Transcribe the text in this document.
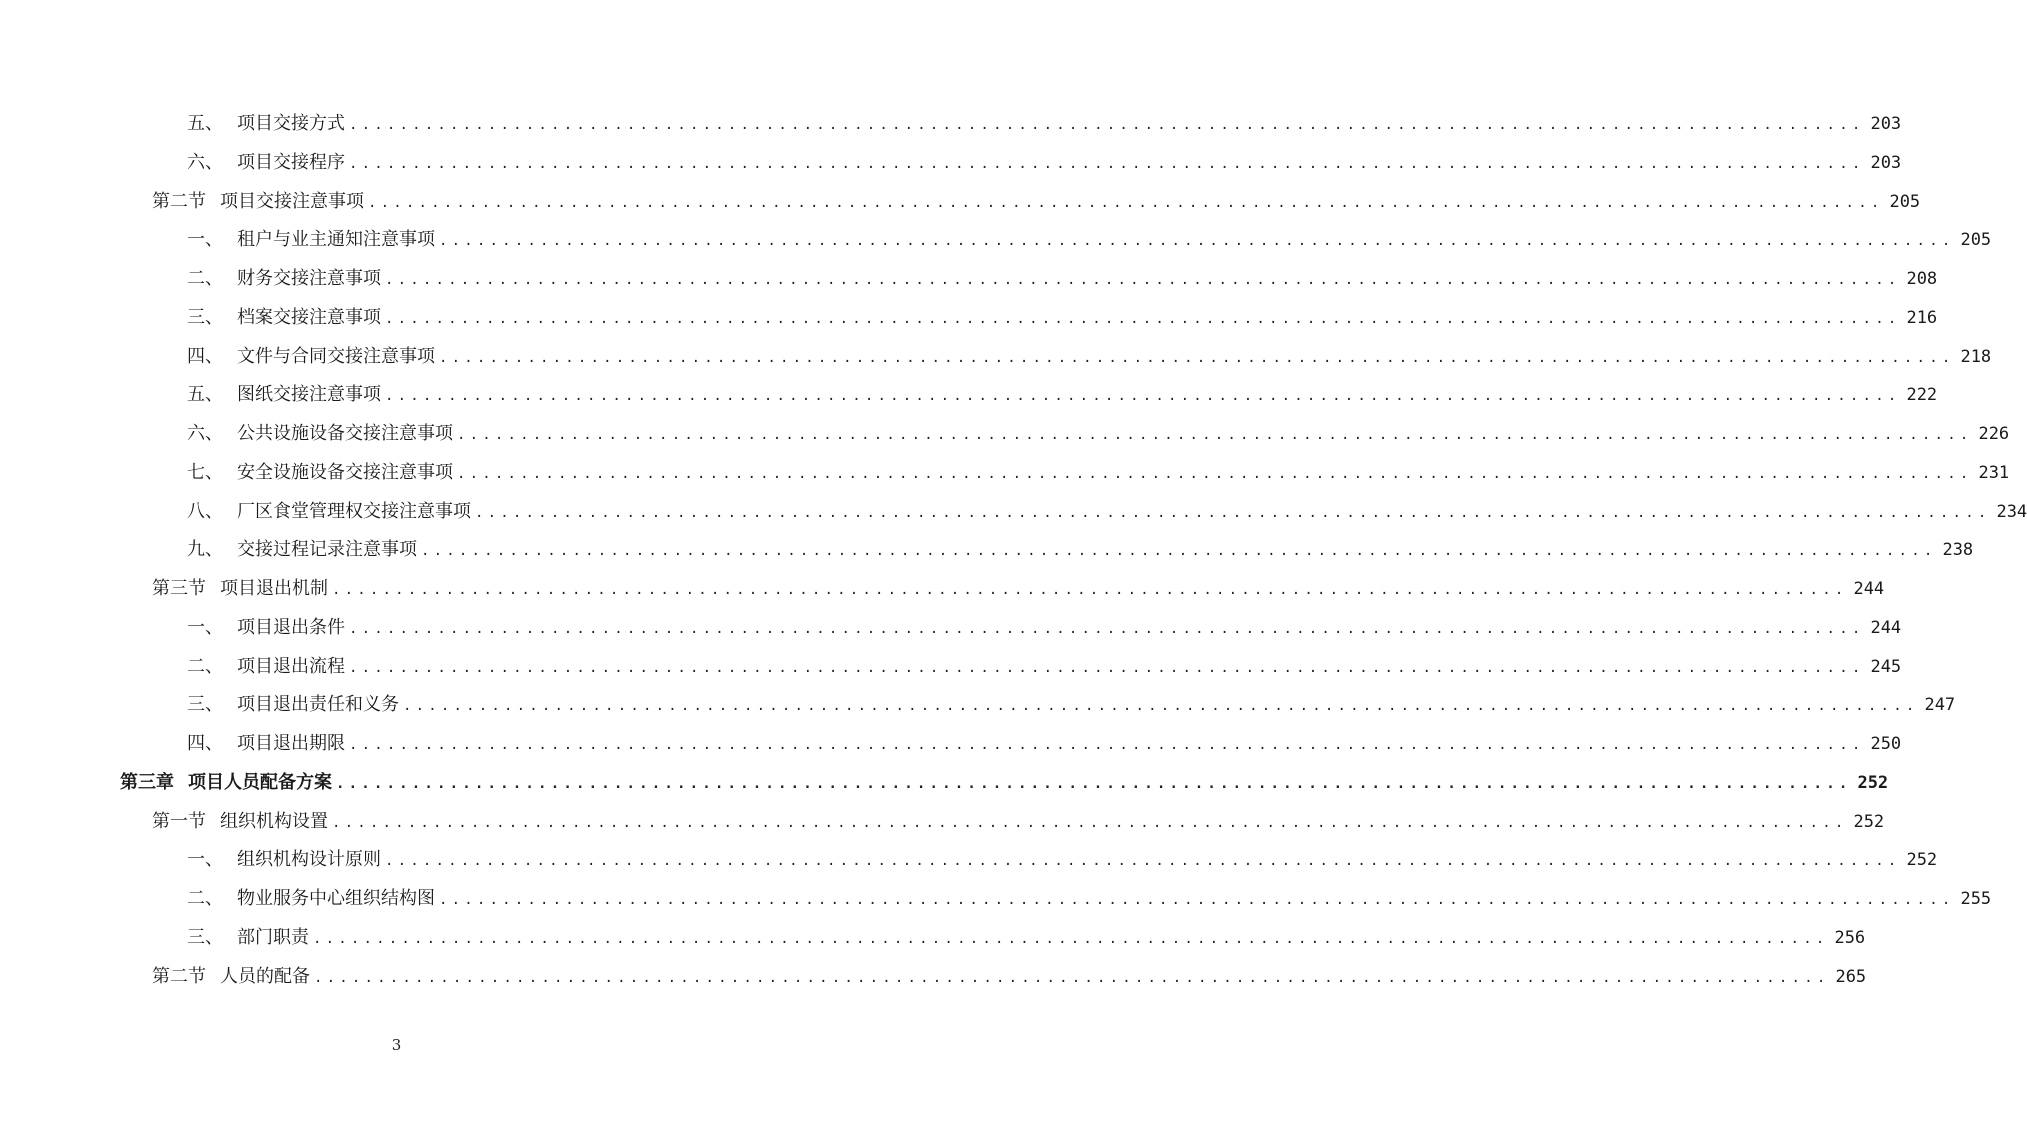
五、 项目交接方式 ........................................................................................................................ 203
六、 项目交接程序 ........................................................................................................................ 203
第二节 项目交接注意事项 ........................................................................................................................ 205
一、 租户与业主通知注意事项 ........................................................................................................................ 205
二、 财务交接注意事项 ........................................................................................................................ 208
三、 档案交接注意事项 ........................................................................................................................ 216
四、 文件与合同交接注意事项 ........................................................................................................................ 218
五、 图纸交接注意事项 ........................................................................................................................ 222
六、 公共设施设备交接注意事项 ........................................................................................................................ 226
七、 安全设施设备交接注意事项 ........................................................................................................................ 231
八、 厂区食堂管理权交接注意事项 ........................................................................................................................ 234
九、 交接过程记录注意事项 ........................................................................................................................ 238
第三节 项目退出机制 ........................................................................................................................ 244
一、 项目退出条件 ........................................................................................................................ 244
二、 项目退出流程 ........................................................................................................................ 245
三、 项目退出责任和义务 ........................................................................................................................ 247
四、 项目退出期限 ........................................................................................................................ 250
第三章 项目人员配备方案 ........................................................................................................................ 252
第一节 组织机构设置 ........................................................................................................................ 252
一、 组织机构设计原则 ........................................................................................................................ 252
二、 物业服务中心组织结构图 ........................................................................................................................ 255
三、 部门职责 ........................................................................................................................ 256
第二节 人员的配备 ........................................................................................................................ 265
3
